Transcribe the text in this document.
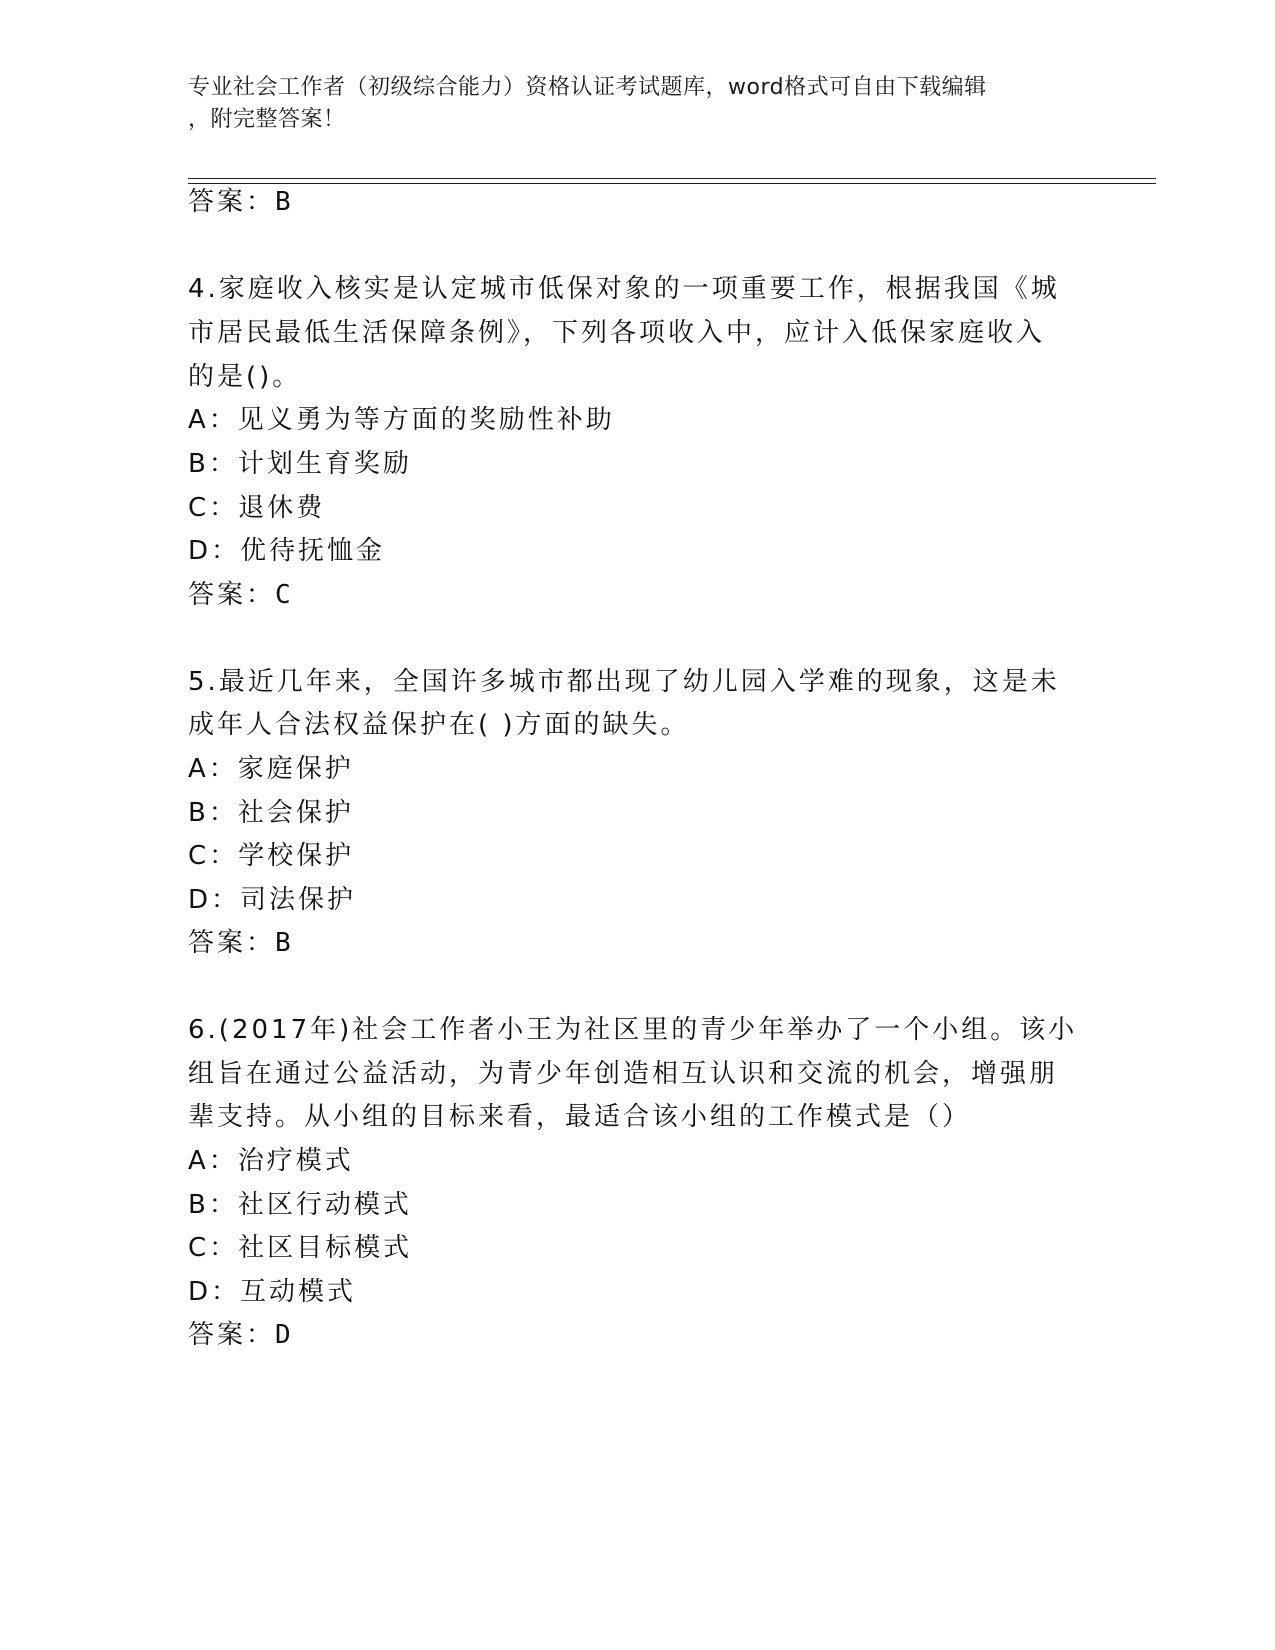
专业社会工作者（初级综合能力）资格认证考试题库，word格式可自由下载编辑
，附完整答案！
答案：B
4.家庭收入核实是认定城市低保对象的一项重要工作，根据我国《城
市居民最低生活保障条例》，下列各项收入中，应计入低保家庭收入
的是()。
A：见义勇为等方面的奖励性补助
B：计划生育奖励
C：退休费
D：优待抚恤金
答案：C
5.最近几年来，全国许多城市都出现了幼儿园入学难的现象，这是未
成年人合法权益保护在( )方面的缺失。
A：家庭保护
B：社会保护
C：学校保护
D：司法保护
答案：B
6.(2017年)社会工作者小王为社区里的青少年举办了一个小组。该小
组旨在通过公益活动，为青少年创造相互认识和交流的机会，增强朋
辈支持。从小组的目标来看，最适合该小组的工作模式是（）
A：治疗模式
B：社区行动模式
C：社区目标模式
D：互动模式
答案：D
